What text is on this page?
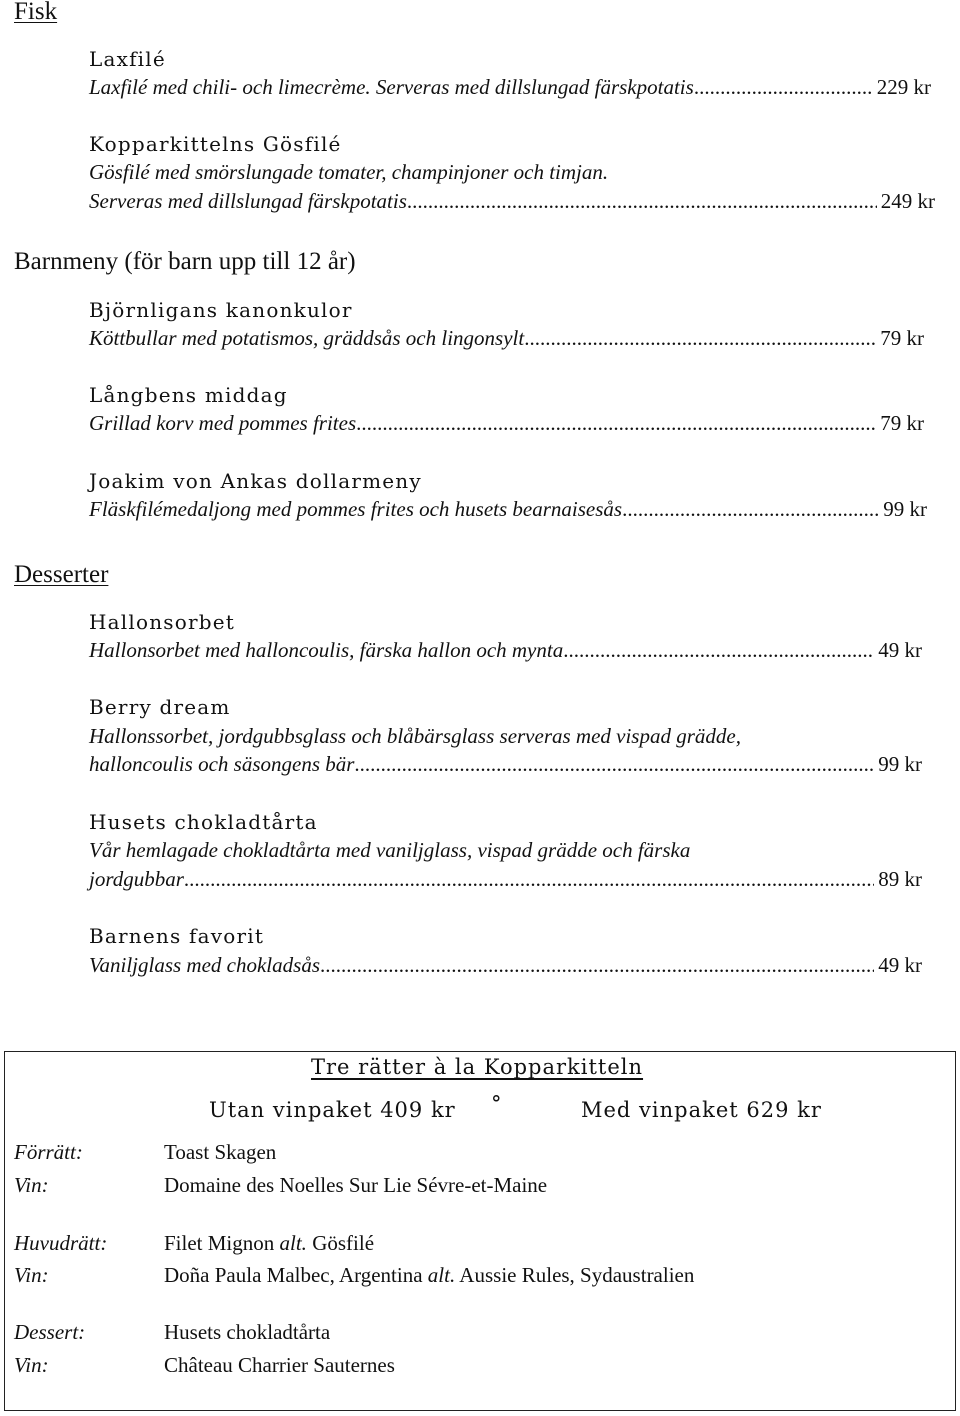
Fisk
Laxfilé
Laxfilé med chili- och limecrème. Serveras med dillslungad färskpotatis .....	229 kr
Kopparkittelns Gösfilé
Gösfilé med smörslungade tomater, champinjoner och timjan.
Serveras med dillslungad färskpotatis .....	249 kr
Barnmeny (för barn upp till 12 år)
Björnligans kanonkulor
Köttbullar med potatismos, gräddsås och lingonsylt .....	79 kr
Långbens middag
Grillad korv med pommes frites .....	79 kr
Joakim von Ankas dollarmeny
Fläskfilémedaljong med pommes frites och husets bearnaisesås .....	99 kr
Desserter
Hallonsorbet
Hallonsorbet med halloncoulis, färska hallon och mynta .....	49 kr
Berry dream
Hallonssorbet, jordgubbsglass och blåbärsglass serveras med vispad grädde,
halloncoulis och säsongens bär .....	99 kr
Husets chokladtårta
Vår hemlagade chokladtårta med vaniljglass, vispad grädde och färska
jordgubbar .....	89 kr
Barnens favorit
Vaniljglass med chokladsås .....	49 kr
Tre rätter à la Kopparkitteln
Utan vinpaket 409 kr °	Med vinpaket 629 kr
Förrätt:	Toast Skagen
Vin:	Domaine des Noelles Sur Lie Sévre-et-Maine
Huvudrätt:	Filet Mignon alt. Gösfilé
Vin:	Doña Paula Malbec, Argentina alt. Aussie Rules, Sydaustralien
Dessert:	Husets chokladtårta
Vin:	Château Charrier Sauternes
